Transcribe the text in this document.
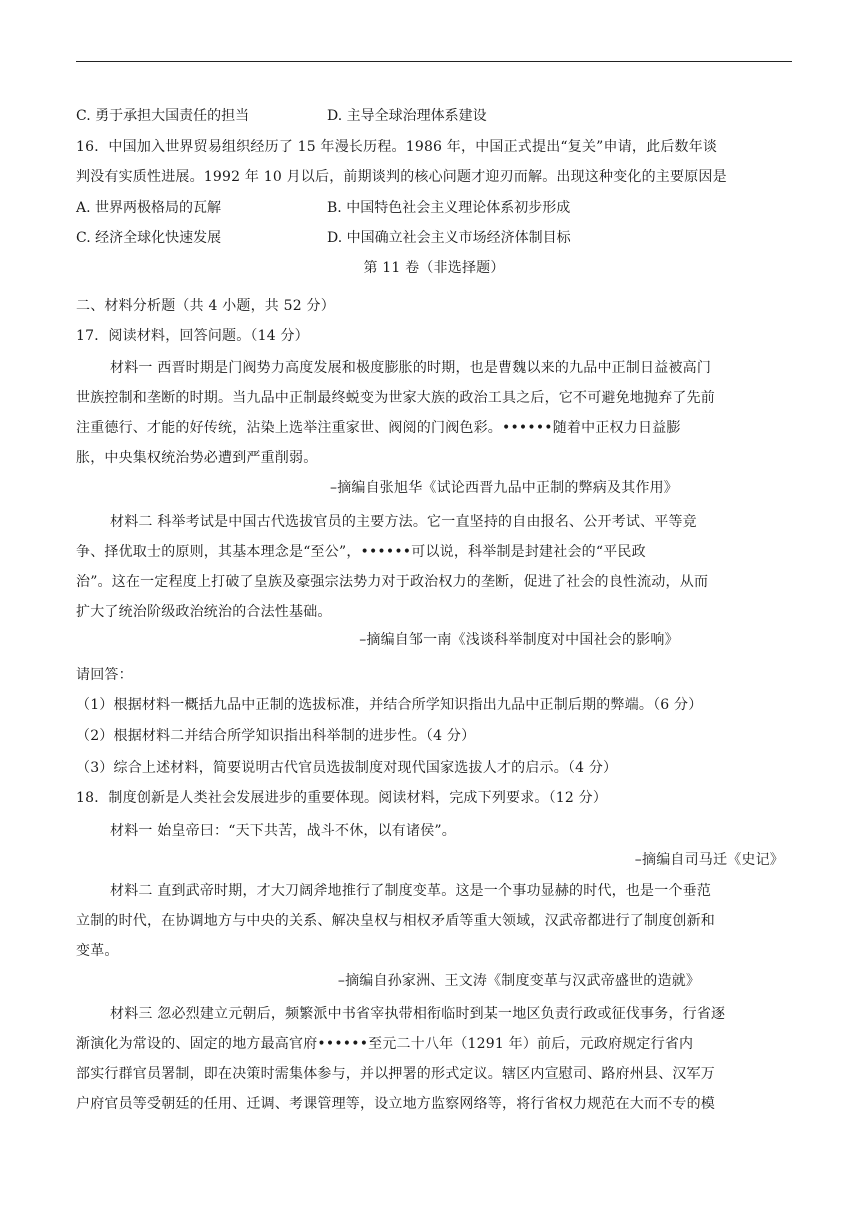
C. 勇于承担大国责任的担当	D. 主导全球治理体系建设
16．中国加入世界贸易组织经历了 15 年漫长历程。1986 年，中国正式提出“复关”申请，此后数年谈
判没有实质性进展。1992 年 10 月以后，前期谈判的核心问题才迎刃而解。出现这种变化的主要原因是
A. 世界两极格局的瓦解	B. 中国特色社会主义理论体系初步形成
C. 经济全球化快速发展	D. 中国确立社会主义市场经济体制目标
第 11 卷（非选择题）
二、材料分析题（共 4 小题，共 52 分）
17．阅读材料，回答问题。（14 分）
材料一 西晋时期是门阀势力高度发展和极度膨胀的时期，也是曹魏以来的九品中正制日益被高门
世族控制和垄断的时期。当九品中正制最终蜕变为世家大族的政治工具之后，它不可避免地抛弃了先前
注重德行、才能的好传统，沾染上选举注重家世、阀阅的门阀色彩。••••••随着中正权力日益膨
胀，中央集权统治势必遭到严重削弱。
–摘编自张旭华《试论西晋九品中正制的弊病及其作用》
材料二 科举考试是中国古代选拔官员的主要方法。它一直坚持的自由报名、公开考试、平等竞
争、择优取士的原则，其基本理念是“至公”，••••••可以说，科举制是封建社会的“平民政
治”。这在一定程度上打破了皇族及豪强宗法势力对于政治权力的垄断，促进了社会的良性流动，从而
扩大了统治阶级政治统治的合法性基础。
–摘编自邹一南《浅谈科举制度对中国社会的影响》
请回答：
（1）根据材料一概括九品中正制的选拔标准，并结合所学知识指出九品中正制后期的弊端。（6 分）
（2）根据材料二并结合所学知识指出科举制的进步性。（4 分）
（3）综合上述材料，简要说明古代官员选拔制度对现代国家选拔人才的启示。（4 分）
18．制度创新是人类社会发展进步的重要体现。阅读材料，完成下列要求。（12 分）
材料一 始皇帝曰：“天下共苦，战斗不休，以有诸侯”。
–摘编自司马迁《史记》
材料二 直到武帝时期，才大刀阔斧地推行了制度变革。这是一个事功显赫的时代，也是一个垂范
立制的时代，在协调地方与中央的关系、解决皇权与相权矛盾等重大领域，汉武帝都进行了制度创新和
变革。
–摘编自孙家洲、王文涛《制度变革与汉武帝盛世的造就》
材料三 忽必烈建立元朝后，频繁派中书省宰执带相衔临时到某一地区负责行政或征伐事务，行省逐
渐演化为常设的、固定的地方最高官府••••••至元二十八年（1291 年）前后，元政府规定行省内
部实行群官员署制，即在决策时需集体参与，并以押署的形式定议。辖区内宣慰司、路府州县、汉军万
户府官员等受朝廷的任用、迁调、考课管理等，设立地方监察网络等，将行省权力规范在大而不专的模
